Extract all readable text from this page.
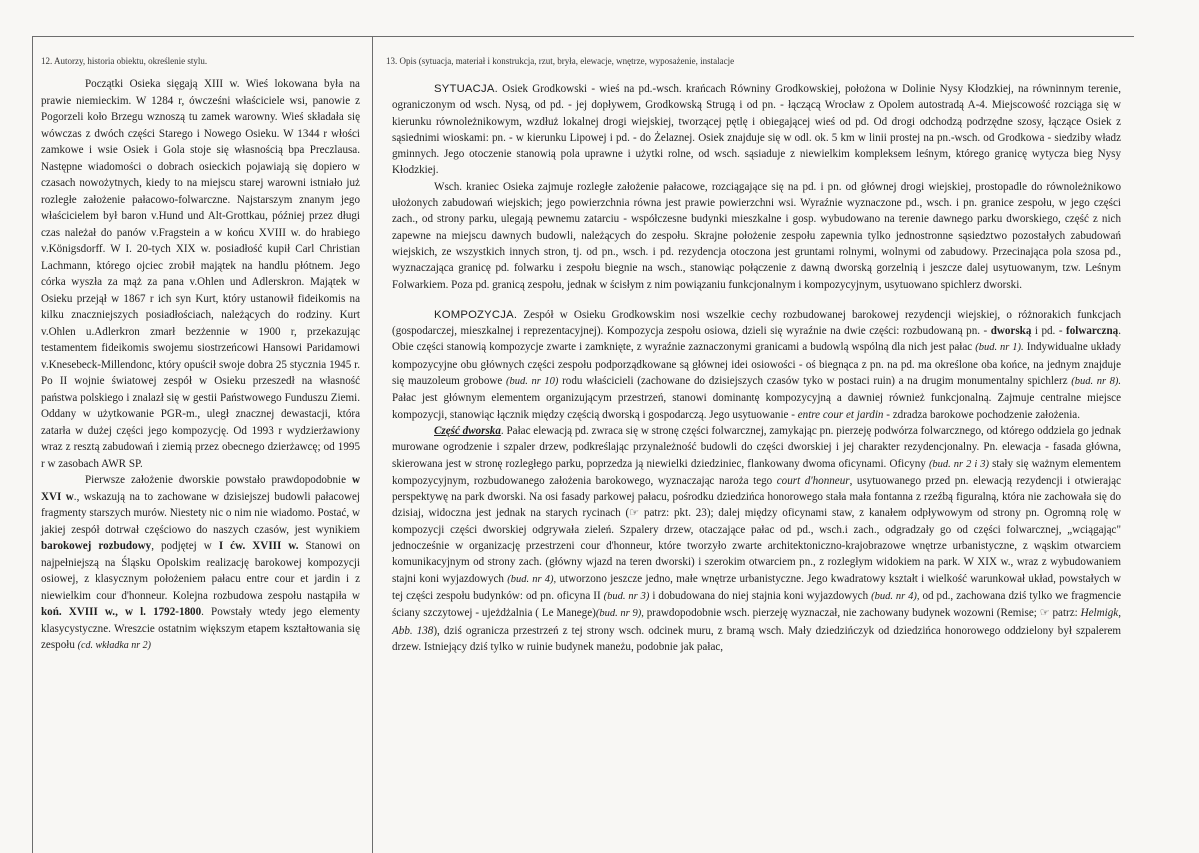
12. Autorzy, historia obiektu, określenie stylu.	13. Opis (sytuacja, materiał i konstrukcja, rzut, bryła, elewacje, wnętrze, wyposażenie, instalacje

Początki Osieka sięgają XIII w. Wieś lokowana była na prawie niemieckim. W 1284 r, ówcześni właściciele wsi, panowie z Pogorzeli koło Brzegu wznoszą tu zamek warowny. Wieś składała się wówczas z dwóch części Starego i Nowego Osieku. W 1344 r włości zamkowe i wsie Osiek i Gola stoje się własnością bpa Preczlausa. Następne wiadomości o dobrach osieckich pojawiają się dopiero w czasach nowożytnych, kiedy to na miejscu starej warowni istniało już rozległe założenie pałacowo-folwarczne. Najstarszym znanym jego właścicielem był baron v.Hund und Alt-Grottkau, później przez długi czas należał do panów v.Fragstein a w końcu XVIII w. do hrabiego v.Königsdorff. W I. 20-tych XIX w. posiadłość kupił Carl Christian Lachmann, którego ojciec zrobił majątek na handlu płótnem. Jego córka wyszła za mąż za pana v.Ohlen und Adlerskron. Majątek w Osieku przejął w 1867 r ich syn Kurt, który ustanowił fideikomis na kilku znaczniejszych posiadłościach, należących do rodziny. Kurt v.Ohlen u.Adlerkron zmarł bezżennie w 1900 r, przekazując testamentem fideikomis swojemu siostrzeńcowi Hansowi Paridamowi v.Knesebeck-Millendonc, który opuścił swoje dobra 25 stycznia 1945 r. Po II wojnie światowej zespół w Osieku przeszedł na własność państwa polskiego i znalazł się w gestii Państwowego Funduszu Ziemi. Oddany w użytkowanie PGR-m., uległ znacznej dewastacji, która zatarła w dużej części jego kompozycję. Od 1993 r wydzierżawiony wraz z resztą zabudowań i ziemią przez obecnego dzierżawcę; od 1995 r w zasobach AWR SP.

Pierwsze założenie dworskie powstało prawdopodobnie w XVI w., wskazują na to zachowane w dzisiejszej budowli pałacowej fragmenty starszych murów. Niestety nic o nim nie wiadomo. Postać, w jakiej zespół dotrwał częściowo do naszych czasów, jest wynikiem barokowej rozbudowy, podjętej w I ćw. XVIII w. Stanowi on najpełniejszą na Śląsku Opolskim realizację barokowej kompozycji osiowej, z klasycznym położeniem pałacu entre cour et jardin i z niewielkim cour d'honneur. Kolejna rozbudowa zespołu nastąpiła w koń. XVIII w., w l. 1792-1800. Powstały wtedy jego elementy klasycystyczne. Wreszcie ostatnim większym etapem kształtowania się zespołu (cd. wkładka nr 2)

SYTUACJA. Osiek Grodkowski - wieś na pd.-wsch. krańcach Równiny Grodkowskiej, położona w Dolinie Nysy Kłodzkiej, na równinnym terenie, ograniczonym od wsch. Nysą, od pd. - jej dopływem, Grodkowską Strugą i od pn. - łączącą Wrocław z Opolem autostradą A-4. Miejscowość rozciąga się w kierunku równoleżnikowym, wzdłuż lokalnej drogi wiejskiej, tworzącej pętlę i obiegającej wieś od pd. Od drogi odchodzą podrzędne szosy, łączące Osiek z sąsiednimi wioskami: pn. - w kierunku Lipowej i pd. - do Żelaznej. Osiek znajduje się w odl. ok. 5 km w linii prostej na pn.-wsch. od Grodkowa - siedziby władz gminnych. Jego otoczenie stanowią pola uprawne i użytki rolne, od wsch. sąsiaduje z niewielkim kompleksem leśnym, którego granicę wytycza bieg Nysy Kłodzkiej.

Wsch. kraniec Osieka zajmuje rozległe założenie pałacowe, rozciągające się na pd. i pn. od głównej drogi wiejskiej, prostopadle do równoleżnikowo ułożonych zabudowań wiejskich; jego powierzchnia równa jest prawie powierzchni wsi. Wyraźnie wyznaczone pd., wsch. i pn. granice zespołu, w jego części zach., od strony parku, ulegają pewnemu zatarciu - współczesne budynki mieszkalne i gosp. wybudowano na terenie dawnego parku dworskiego, część z nich zapewne na miejscu dawnych budowli, należących do zespołu. Skrajne położenie zespołu zapewnia tylko jednostronne sąsiedztwo pozostałych zabudowań wiejskich, ze wszystkich innych stron, tj. od pn., wsch. i pd. rezydencja otoczona jest gruntami rolnymi, wolnymi od zabudowy. Przecinająca pola szosa pd., wyznaczająca granicę pd. folwarku i zespołu biegnie na wsch., stanowiąc połączenie z dawną dworską gorzelnią i jeszcze dalej usytuowanym, tzw. Leśnym Folwarkiem. Poza pd. granicą zespołu, jednak w ścisłym z nim powiązaniu funkcjonalnym i kompozycyjnym, usytuowano spichlerz dworski.

KOMPOZYCJA. Zespół w Osieku Grodkowskim nosi wszelkie cechy rozbudowanej barokowej rezydencji wiejskiej, o różnorakich funkcjach (gospodarczej, mieszkalnej i reprezentacyjnej). Kompozycja zespołu osiowa, dzieli się wyraźnie na dwie części: rozbudowaną pn. - dworską i pd. - folwarczną. Obie części stanowią kompozycje zwarte i zamknięte, z wyraźnie zaznaczonymi granicami a budowlą wspólną dla nich jest pałac (bud. nr 1). Indywidualne układy kompozycyjne obu głównych części zespołu podporządkowane są głównej idei osiowości - oś biegnąca z pn. na pd. ma określone oba końce, na jednym znajduje się mauzoleum grobowe (bud. nr 10) rodu właścicieli (zachowane do dzisiejszych czasów tyko w postaci ruin) a na drugim monumentalny spichlerz (bud. nr 8). Pałac jest głównym elementem organizującym przestrzeń, stanowi dominantę kompozycyjną a dawniej również funkcjonalną. Zajmuje centralne miejsce kompozycji, stanowiąc łącznik między częścią dworską i gospodarczą. Jego usytuowanie - entre cour et jardin - zdradza barokowe pochodzenie założenia.

Część dworska. Pałac elewacją pd. zwraca się w stronę części folwarcznej, zamykając pn. pierzeję podwórza folwarcznego, od którego oddziela go jednak murowane ogrodzenie i szpaler drzew, podkreślając przynależność budowli do części dworskiej i jej charakter rezydencjonalny. Pn. elewacja - fasada główna, skierowana jest w stronę rozległego parku, poprzedza ją niewielki dziedziniec, flankowany dwoma oficynami. Oficyny (bud. nr 2 i 3) stały się ważnym elementem kompozycyjnym, rozbudowanego założenia barokowego, wyznaczając naroża tego court d'honneur, usytuowanego przed pn. elewacją rezydencji i otwierając perspektywę na park dworski. Na osi fasady parkowej pałacu, pośrodku dziedzińca honorowego stała mała fontanna z rzeźbą figuralną, która nie zachowała się do dzisiaj, widoczna jest jednak na starych rycinach (☞ patrz: pkt. 23); dalej między oficynami staw, z kanałem odpływowym od strony pn. Ogromną rolę w kompozycji części dworskiej odgrywała zieleń. Szpalery drzew, otaczające pałac od pd., wsch.i zach., odgradzały go od części folwarcznej, „wciągając" jednocześnie w organizację przestrzeni cour d'honneur, które tworzyło zwarte architektoniczno-krajobrazowe wnętrze urbanistyczne, z wąskim otwarciem komunikacyjnym od strony zach. (główny wjazd na teren dworski) i szerokim otwarciem pn., z rozległym widokiem na park. W XIX w., wraz z wybudowaniem stajni koni wyjazdowych (bud. nr 4), utworzono jeszcze jedno, małe wnętrze urbanistyczne. Jego kwadratowy kształt i wielkość warunkował układ, powstałych w tej części zespołu budynków: od pn. oficyna II (bud. nr 3) i dobudowana do niej stajnia koni wyjazdowych (bud. nr 4), od pd., zachowana dziś tylko we fragmencie ściany szczytowej - ujeżdżalnia ( Le Manege)(bud. nr 9), prawdopodobnie wsch. pierzeję wyznaczał, nie zachowany budynek wozowni (Remise; ☞ patrz: Helmigk, Abb. 138), dziś ogranicza przestrzeń z tej strony wsch. odcinek muru, z bramą wsch. Mały dziedzińczyk od dziedzińca honorowego oddzielony był szpalerem drzew. Istniejący dziś tylko w ruinie budynek maneżu, podobnie jak pałac,
